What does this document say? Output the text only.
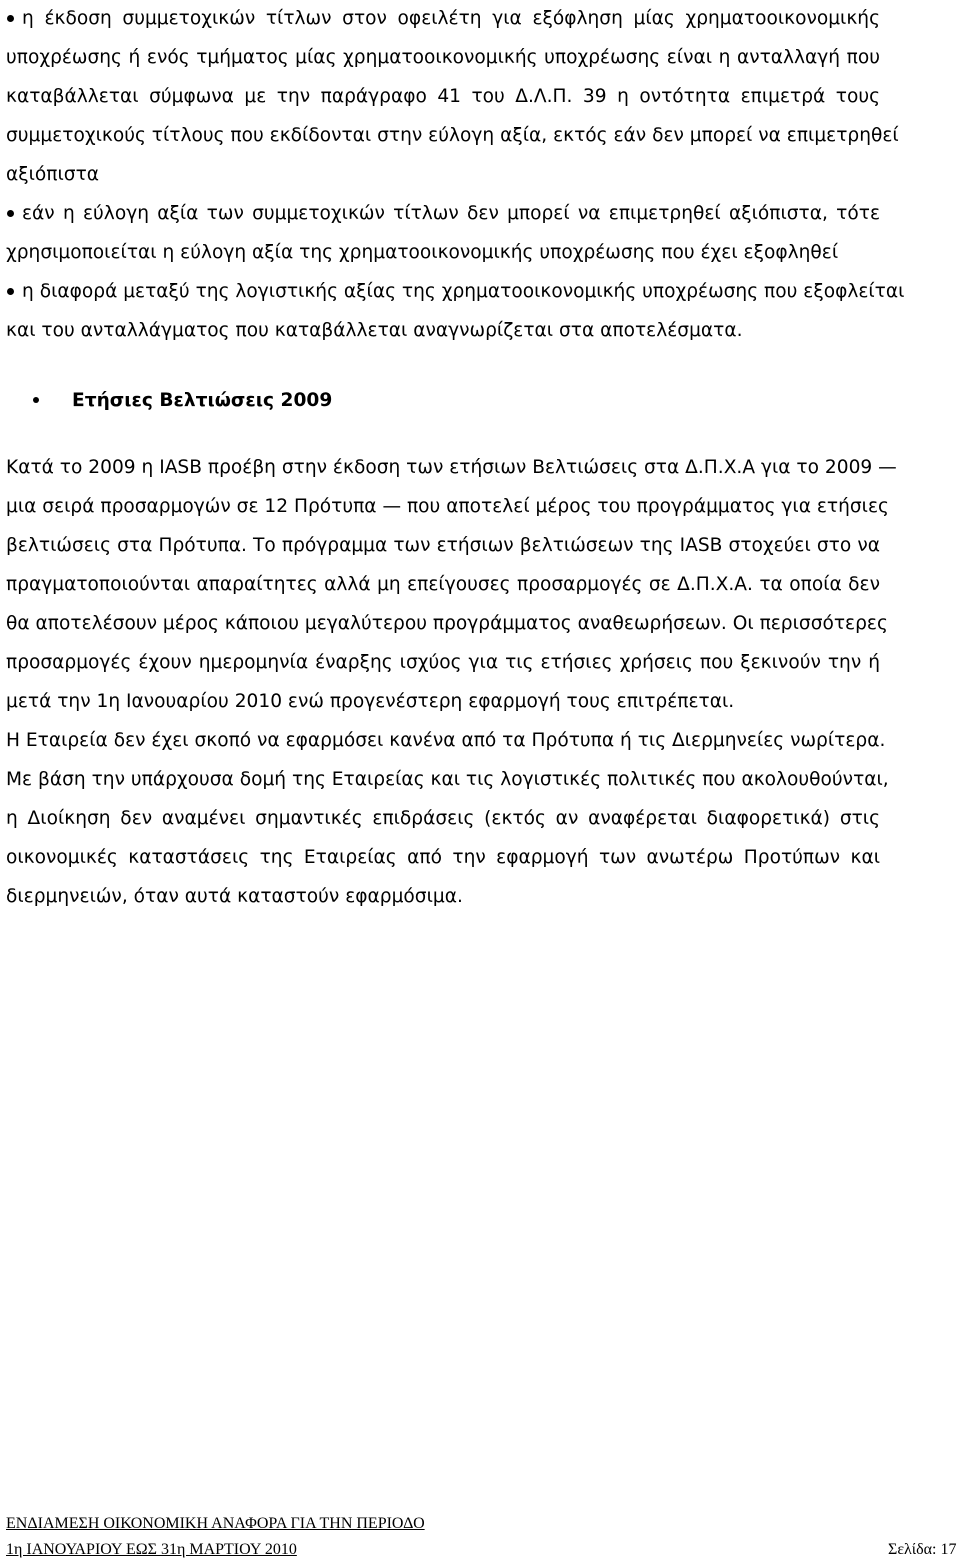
η έκδοση συμμετοχικών τίτλων στον οφειλέτη για εξόφληση μίας χρηματοοικονομικής
υποχρέωσης ή ενός τμήματος μίας χρηματοοικονομικής υποχρέωσης είναι η ανταλλαγή που
καταβάλλεται σύμφωνα με την παράγραφο 41 του Δ.Λ.Π. 39 η οντότητα επιμετρά τους
συμμετοχικούς τίτλους που εκδίδονται στην εύλογη αξία, εκτός εάν δεν μπορεί να επιμετρηθεί
αξιόπιστα
εάν η εύλογη αξία των συμμετοχικών τίτλων δεν μπορεί να επιμετρηθεί αξιόπιστα, τότε
χρησιμοποιείται η εύλογη αξία της χρηματοοικονομικής υποχρέωσης που έχει εξοφληθεί
η διαφορά μεταξύ της λογιστικής αξίας της χρηματοοικονομικής υποχρέωσης που εξοφλείται
και του ανταλλάγματος που καταβάλλεται αναγνωρίζεται στα αποτελέσματα.
Ετήσιες Βελτιώσεις 2009
Κατά το 2009 η IASB προέβη στην έκδοση των ετήσιων Βελτιώσεις στα Δ.Π.Χ.Α για το 2009 —
μια σειρά προσαρμογών σε 12 Πρότυπα — που αποτελεί μέρος του προγράμματος για ετήσιες
βελτιώσεις στα Πρότυπα. Το πρόγραμμα των ετήσιων βελτιώσεων της IASB στοχεύει στο να
πραγματοποιούνται απαραίτητες αλλά μη επείγουσες προσαρμογές σε Δ.Π.Χ.Α. τα οποία δεν
θα αποτελέσουν μέρος κάποιου μεγαλύτερου προγράμματος αναθεωρήσεων. Οι περισσότερες
προσαρμογές έχουν ημερομηνία έναρξης ισχύος για τις ετήσιες χρήσεις που ξεκινούν την ή
μετά την 1η Ιανουαρίου 2010 ενώ προγενέστερη εφαρμογή τους επιτρέπεται.
Η Εταιρεία δεν έχει σκοπό να εφαρμόσει κανένα από τα Πρότυπα ή τις Διερμηνείες νωρίτερα.
Με βάση την υπάρχουσα δομή της Εταιρείας και τις λογιστικές πολιτικές που ακολουθούνται,
η Διοίκηση δεν αναμένει σημαντικές επιδράσεις (εκτός αν αναφέρεται διαφορετικά) στις
οικονομικές καταστάσεις της Εταιρείας από την εφαρμογή των ανωτέρω Προτύπων και
διερμηνειών, όταν αυτά καταστούν εφαρμόσιμα.
ΕΝΔΙΑΜΕΣΗ ΟΙΚΟΝΟΜΙΚΗ ΑΝΑΦΟΡΑ ΓΙΑ ΤΗΝ ΠΕΡΙΟΔΟ
1η ΙΑΝΟΥΑΡΙΟΥ ΕΩΣ 31η ΜΑΡΤΙΟΥ 2010	Σελίδα: 17
